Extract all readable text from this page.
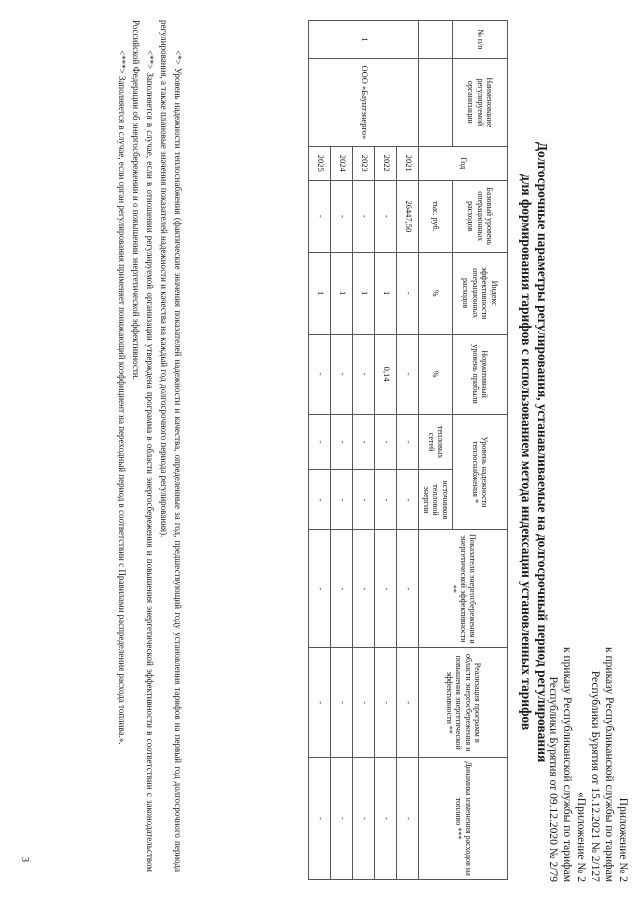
Приложение № 2
к приказу Республиканской службы по тарифам
Республики Бурятия от 15.12.2021 № 2/127
«Приложение № 2
к приказу Республиканской службы по тарифам
Республики Бурятия от 09.12.2020 № 2/79
Долгосрочные параметры регулирования, устанавливаемые на долгосрочный период регулирования
для формирования тарифов с использованием метода индексации установленных тарифов
№ п/п	Наименование регулируемой организации	Год	Базовый уровень операционных расходов	Индекс эффективности операционных расходов	Нормативный уровень прибыли	Уровень надежности теплоснабжения *		Показатели энергосбережения и энергетической эффективности **	Реализация программ в области энергосбережения и повышения энергетической эффективности **	Динамика изменения расходов на топливо ***
						тепловых сетей	источников тепловой энергии			
			тыс. руб.	%	%					
1	ООО «Баунтэнерго»	2021	26447,50	-	-	-	-	-	-	-
		2022	-	1	0,14	-	-	-	-	-
		2023	-	1	-	-	-	-	-	-
		2024	-	1	-	-	-	-	-	-
		2025	-	1	-	-	-	-	-	-

<*> Уровень надежности теплоснабжения (фактические значения показателей надежности и качества, определенные за год, предшествующий году установления тарифов на первый год долгосрочного периода регулирования, а также плановые значения показателей надежности и качества на каждый год долгосрочного периода регулирования).

<**> Заполняется в случае, если в отношении регулируемой организации утверждена программа в области энергосбережения и повышения энергетической эффективности в соответствии с законодательством Российской Федерации об энергосбережении и о повышении энергетической эффективности.

<***> Заполняется в случае, если орган регулирования применяет понижающий коэффициент на переходный период в соответствии с Правилами распределения расхода топлива.».

3
